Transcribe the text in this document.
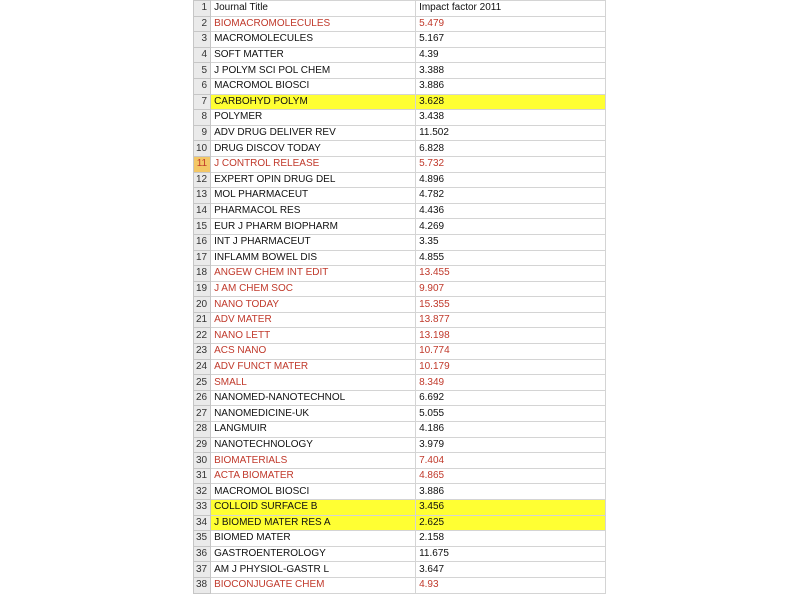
1	Journal Title	Impact factor 2011
2	BIOMACROMOLECULES	5.479
3	MACROMOLECULES	5.167
4	SOFT MATTER	4.39
5	J POLYM SCI POL CHEM	3.388
6	MACROMOL BIOSCI	3.886
7	CARBOHYD POLYM	3.628
8	POLYMER	3.438
9	ADV DRUG DELIVER REV	11.502
10	DRUG DISCOV TODAY	6.828
11	J CONTROL RELEASE	5.732
12	EXPERT OPIN DRUG DEL	4.896
13	MOL PHARMACEUT	4.782
14	PHARMACOL RES	4.436
15	EUR J PHARM BIOPHARM	4.269
16	INT J PHARMACEUT	3.35
17	INFLAMM BOWEL DIS	4.855
18	ANGEW CHEM INT EDIT	13.455
19	J AM CHEM SOC	9.907
20	NANO TODAY	15.355
21	ADV MATER	13.877
22	NANO LETT	13.198
23	ACS NANO	10.774
24	ADV FUNCT MATER	10.179
25	SMALL	8.349
26	NANOMED-NANOTECHNOL	6.692
27	NANOMEDICINE-UK	5.055
28	LANGMUIR	4.186
29	NANOTECHNOLOGY	3.979
30	BIOMATERIALS	7.404
31	ACTA BIOMATER	4.865
32	MACROMOL BIOSCI	3.886
33	COLLOID SURFACE B	3.456
34	J BIOMED MATER RES A	2.625
35	BIOMED MATER	2.158
36	GASTROENTEROLOGY	11.675
37	AM J PHYSIOL-GASTR L	3.647
38	BIOCONJUGATE CHEM	4.93
